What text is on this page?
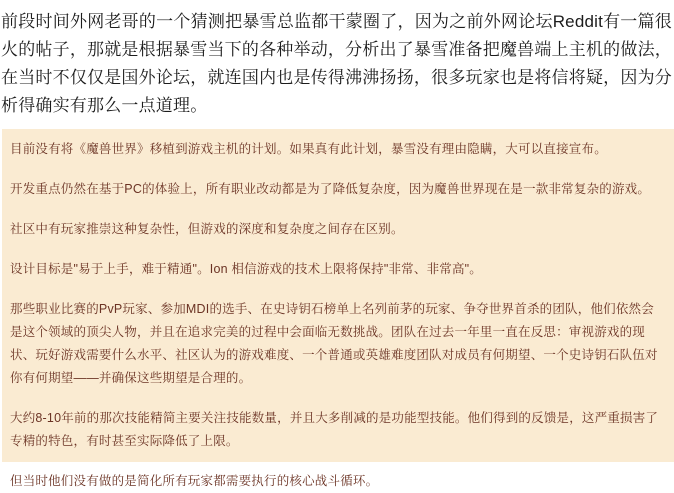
前段时间外网老哥的一个猜测把暴雪总监都干蒙圈了，因为之前外网论坛Reddit有一篇很火的帖子，那就是根据暴雪当下的各种举动，分析出了暴雪准备把魔兽端上主机的做法，在当时不仅仅是国外论坛，就连国内也是传得沸沸扬扬，很多玩家也是将信将疑，因为分析得确实有那么一点道理。

目前没有将《魔兽世界》移植到游戏主机的计划。如果真有此计划，暴雪没有理由隐瞒，大可以直接宣布。

开发重点仍然在基于PC的体验上，所有职业改动都是为了降低复杂度，因为魔兽世界现在是一款非常复杂的游戏。

社区中有玩家推崇这种复杂性，但游戏的深度和复杂度之间存在区别。

设计目标是"易于上手，难于精通"。Ion 相信游戏的技术上限将保持"非常、非常高"。

那些职业比赛的PvP玩家、参加MDI的选手、在史诗钥石榜单上名列前茅的玩家、争夺世界首杀的团队，他们依然会是这个领域的顶尖人物，并且在追求完美的过程中会面临无数挑战。团队在过去一年里一直在反思：审视游戏的现状、玩好游戏需要什么水平、社区认为的游戏难度、一个普通或英雄难度团队对成员有何期望、一个史诗钥石队伍对你有何期望——并确保这些期望是合理的。

大约8-10年前的那次技能精简主要关注技能数量，并且大多削减的是功能型技能。他们得到的反馈是，这严重损害了专精的特色，有时甚至实际降低了上限。

但当时他们没有做的是简化所有玩家都需要执行的核心战斗循环。
